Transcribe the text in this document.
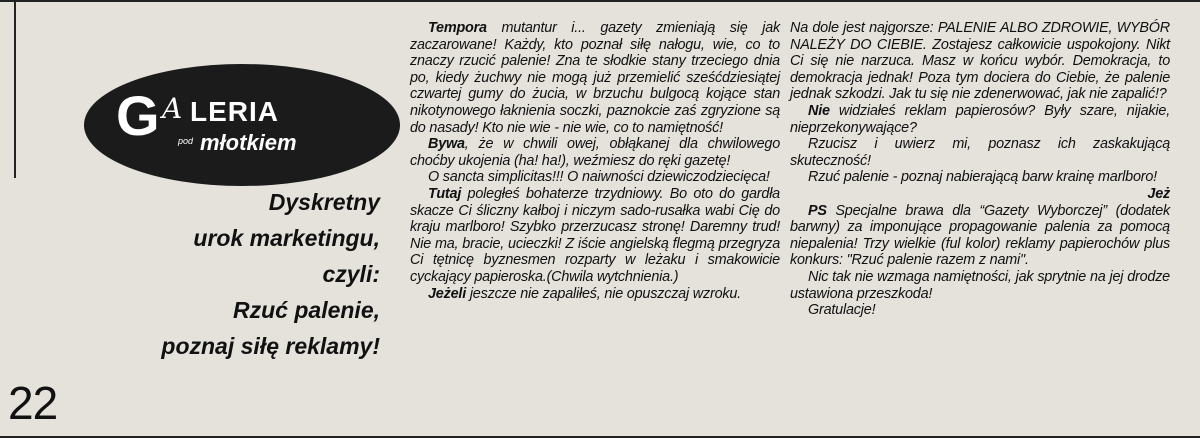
G A LERIA
pod młotkiem
Dyskretny
urok marketingu,
czyli:
Rzuć palenie,
poznaj siłę reklamy!

Tempora mutantur i... gazety zmieniają się jak zaczarowane! Każdy, kto poznał siłę nałogu, wie, co to znaczy rzucić palenie! Zna te słodkie stany trzeciego dnia po, kiedy żuchwy nie mogą już przemielić sześćdziesiątej czwartej gumy do żucia, w brzuchu bulgocą kojące stan nikotynowego łaknienia soczki, paznokcie zaś zgryzione są do nasady! Kto nie wie - nie wie, co to namiętność!

Bywa, że w chwili owej, obłąkanej dla chwilowego choćby ukojenia (ha! ha!), weźmiesz do ręki gazetę!

O sancta simplicitas!!! O naiwności dziewiczodziecięca!

Tutaj poległeś bohaterze trzydniowy. Bo oto do gardła skacze Ci śliczny kałboj i niczym sado-rusałka wabi Cię do kraju marlboro! Szybko przerzucasz stronę! Daremny trud! Nie ma, bracie, ucieczki! Z iście angielską flegmą przegryza Ci tętnicę byznesmen rozparty w leżaku i smakowicie cyckający papieroska.(Chwila wytchnienia.)

Jeżeli jeszcze nie zapaliłeś, nie opuszczaj wzroku.

Na dole jest najgorsze: PALENIE ALBO ZDROWIE, WYBÓR NALEŻY DO CIEBIE. Zostajesz całkowicie uspokojony. Nikt Ci się nie narzuca. Masz w końcu wybór. Demokracja, to demokracja jednak! Poza tym dociera do Ciebie, że palenie jednak szkodzi. Jak tu się nie zdenerwować, jak nie zapalić!?

Nie widziałeś reklam papierosów? Były szare, nijakie, nieprzekonywające?

Rzucisz i uwierz mi, poznasz ich zaskakującą skuteczność!

Rzuć palenie - poznaj nabierającą barw krainę marlboro!

Jeż

PS Specjalne brawa dla “Gazety Wyborczej” (dodatek barwny) za imponujące propagowanie palenia za pomocą niepalenia! Trzy wielkie (ful kolor) reklamy papierochów plus konkurs: "Rzuć palenie razem z nami".

Nic tak nie wzmaga namiętności, jak sprytnie na jej drodze ustawiona przeszkoda!

Gratulacje!

22
